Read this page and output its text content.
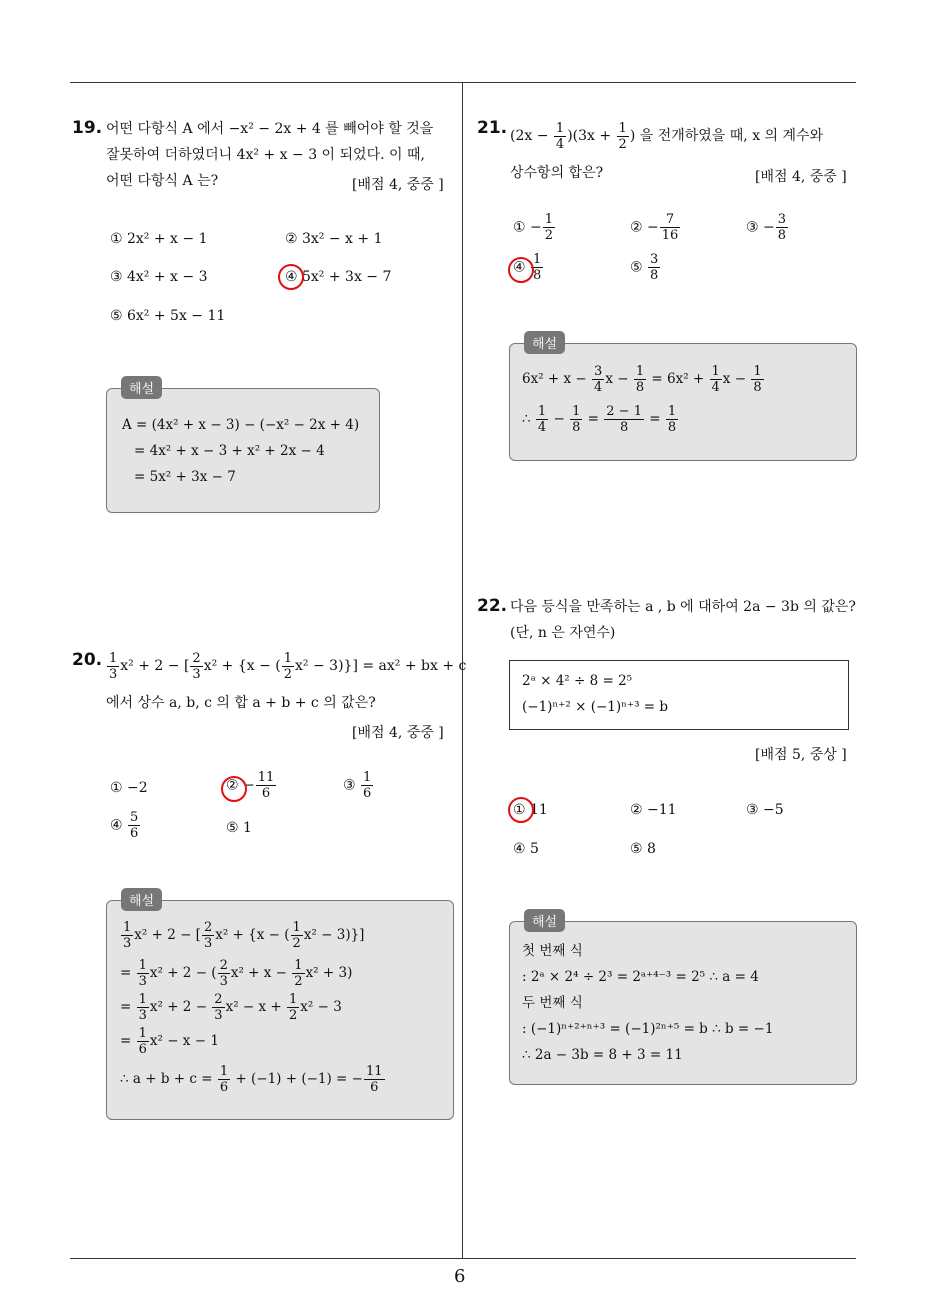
6
19. 어떤 다항식 A 에서 −x² − 2x + 4 를 빼어야 할 것을
잘못하여 더하였더니 4x² + x − 3 이 되었다. 이 때,
어떤 다항식 A 는?	[배점 4, 중중 ]
① 2x² + x − 1	② 3x² − x + 1
③ 4x² + x − 3	④ 5x² + 3x − 7
⑤ 6x² + 5x − 11
해설
A = (4x² + x − 3) − (−x² − 2x + 4)
= 4x² + x − 3 + x² + 2x − 4
= 5x² + 3x − 7
20. $\frac{1}{3} x^2 + 2$ − [ $\frac{2}{3} x^2 + \{x$ − ( $\frac{1}{2} x^2 - 3)\}] = ax^2$ + bx + c
에서 상수 a, b, c 의 합 a + b + c 의 값은?
[배점 4, 중중 ]
① −2	② − $\frac{11}{6}$	③ $\frac{1}{6}$
④ $\frac{5}{6}$	⑤ 1
해설
$\frac{1}{3} x^2 + 2$ − [ $\frac{2}{3} x^2 + \{x$ − ( $\frac{1}{2} x^2 - 3$)}]
= $\frac{1}{3} x^2 + 2$ − ( $\frac{2}{3} x^2 + x - \frac{1}{2} x^2 + 3$)
= $\frac{1}{3} x^2 + 2 - \frac{2}{3} x^2 - x + \frac{1}{2} x^2 - 3$
= $\frac{1}{6} x^2 - x - 1$
∴ $a + b + c = \frac{1}{6} + (-1) + (-1)$ = − $\frac{11}{6}$
21. $(2x - \frac{1}{4} )(3x + \frac{1}{2}$ ) 을 전개하였을 때, x 의 계수와
상수항의 합은?	[배점 4, 중중 ]
① − $\frac{1}{2}$	② − $\frac{7}{16}$	③ − $\frac{3}{8}$
④ $\frac{1}{8}$	⑤ $\frac{3}{8}$
해설
$6x^2 + x - \frac{3}{4}$ $x - \frac{1}{8} = 6x^2 + \frac{1}{4}$ $x - \frac{1}{8}$
∴ $\frac{1}{4} - \frac{1}{8} = \frac{2 - 1}{8} = \frac{1}{8}$
22. 다음 등식을 만족하는 a , b 에 대하여 2a − 3b 의 값은?
(단, n 은 자연수)
2ᵃ × 4² ÷ 8 = 2⁵
(−1)ⁿ⁺² × (−1)ⁿ⁺³ = b
[배점 5, 중상 ]
① 11	② −11	③ −5
④ 5	⑤ 8
해설
첫 번째 식
: 2ᵃ × 2⁴ ÷ 2³ = 2ᵃ⁺⁴⁻³ = 2⁵ ∴ a = 4
두 번째 식
: (−1)ⁿ⁺²⁺ⁿ⁺³ = (−1)²ⁿ⁺⁵ = b ∴ b = −1
∴ 2a − 3b = 8 + 3 = 11
